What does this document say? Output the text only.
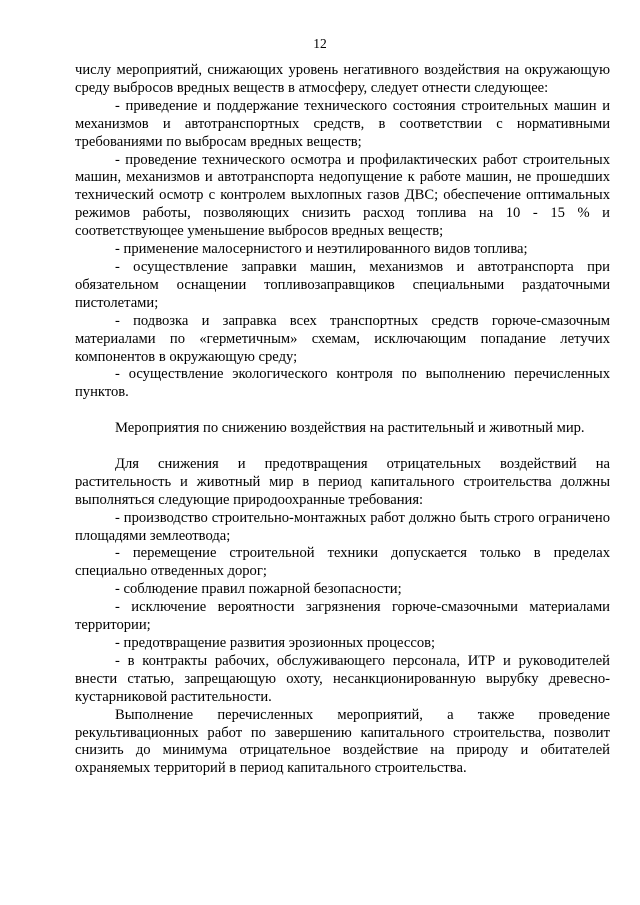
12

числу мероприятий, снижающих уровень негативного воздействия на окружающую среду выбросов вредных веществ в атмосферу, следует отнести следующее:

- приведение и поддержание технического состояния строительных машин и механизмов и автотранспортных средств, в соответствии с нормативными требованиями по выбросам вредных веществ;

- проведение технического осмотра и профилактических работ строительных машин, механизмов и автотранспорта недопущение к работе машин, не прошедших технический осмотр с контролем выхлопных газов ДВС; обеспечение оптимальных режимов работы, позволяющих снизить расход топлива на 10 - 15 % и соответствующее уменьшение выбросов вредных веществ;

- применение малосернистого и неэтилированного видов топлива;

- осуществление заправки машин, механизмов и автотранспорта при обязательном оснащении топливозаправщиков специальными раздаточными пистолетами;

- подвозка и заправка всех транспортных средств горюче-смазочным материалами по «герметичным» схемам, исключающим попадание летучих компонентов в окружающую среду;

- осуществление экологического контроля по выполнению перечисленных пунктов.

Мероприятия по снижению воздействия на растительный и животный мир.

Для снижения и предотвращения отрицательных воздействий на растительность и животный мир в период капитального строительства должны выполняться следующие природоохранные требования:

- производство строительно-монтажных работ должно быть строго ограничено площадями землеотвода;

- перемещение строительной техники допускается только в пределах специально отведенных дорог;

- соблюдение правил пожарной безопасности;

- исключение вероятности загрязнения горюче-смазочными материалами территории;

- предотвращение развития эрозионных процессов;

- в контракты рабочих, обслуживающего персонала, ИТР и руководителей внести статью, запрещающую охоту, несанкционированную вырубку древесно-кустарниковой растительности.

Выполнение перечисленных мероприятий, а также проведение рекультивационных работ по завершению капитального строительства, позволит снизить до минимума отрицательное воздействие на природу и обитателей охраняемых территорий в период капитального строительства.
